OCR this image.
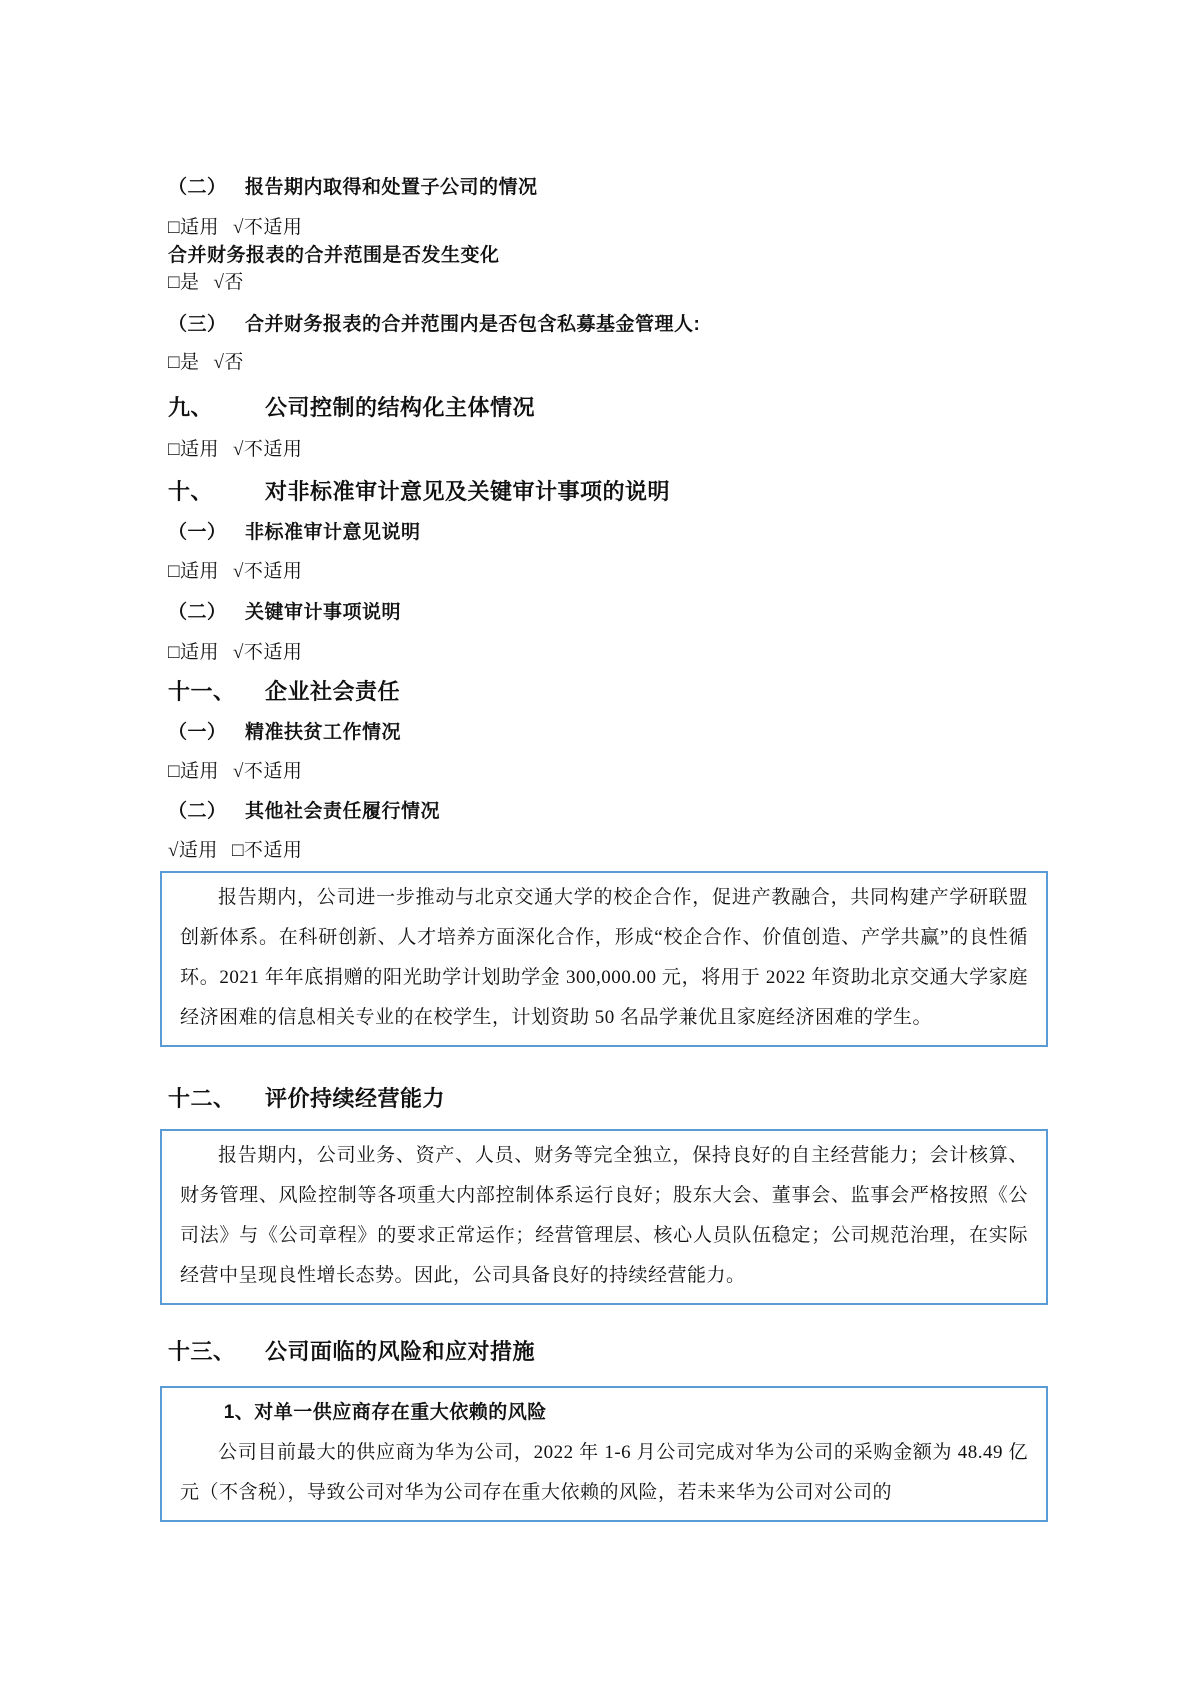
（二） 报告期内取得和处置子公司的情况
□适用 √不适用
合并财务报表的合并范围是否发生变化
□是 √否
（三） 合并财务报表的合并范围内是否包含私募基金管理人:
□是 √否
九、 公司控制的结构化主体情况
□适用 √不适用
十、 对非标准审计意见及关键审计事项的说明
（一） 非标准审计意见说明
□适用 √不适用
（二） 关键审计事项说明
□适用 √不适用
十一、 企业社会责任
（一） 精准扶贫工作情况
□适用 √不适用
（二） 其他社会责任履行情况
√适用 □不适用

报告期内，公司进一步推动与北京交通大学的校企合作，促进产教融合，共同构建产学研联盟创新体系。在科研创新、人才培养方面深化合作，形成“校企合作、价值创造、产学共赢”的良性循环。2021 年年底捐赠的阳光助学计划助学金 300,000.00 元，将用于 2022 年资助北京交通大学家庭经济困难的信息相关专业的在校学生，计划资助 50 名品学兼优且家庭经济困难的学生。

十二、 评价持续经营能力

报告期内，公司业务、资产、人员、财务等完全独立，保持良好的自主经营能力；会计核算、财务管理、风险控制等各项重大内部控制体系运行良好；股东大会、董事会、监事会严格按照《公司法》与《公司章程》的要求正常运作；经营管理层、核心人员队伍稳定；公司规范治理，在实际经营中呈现良性增长态势。因此，公司具备良好的持续经营能力。

十三、 公司面临的风险和应对措施
1、对单一供应商存在重大依赖的风险

公司目前最大的供应商为华为公司，2022 年 1-6 月公司完成对华为公司的采购金额为 48.49 亿元（不含税），导致公司对华为公司存在重大依赖的风险，若未来华为公司对公司的
